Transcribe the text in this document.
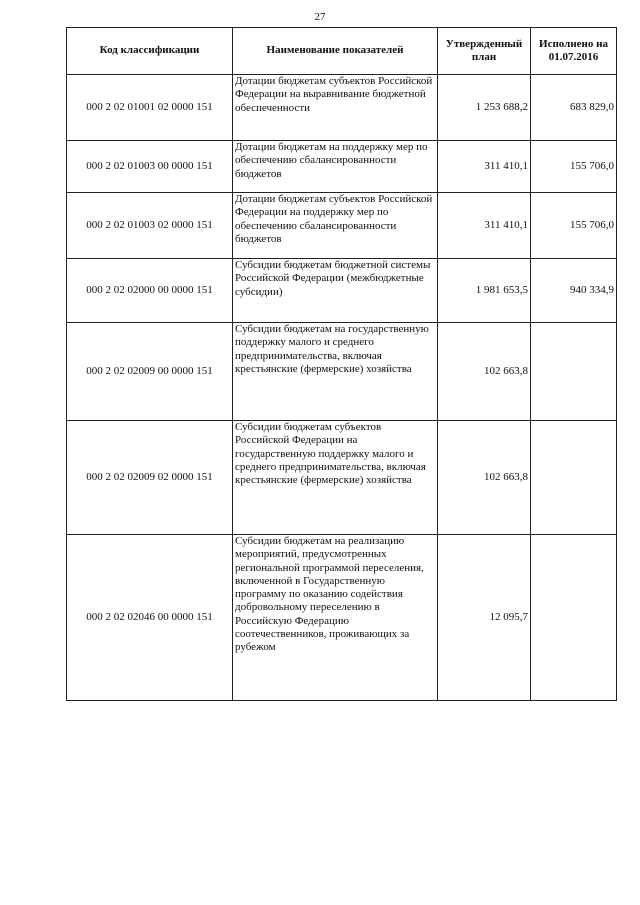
27
Код классификации	Наименование показателей	Утвержденный план	Исполнено на 01.07.2016
000 2 02 01001 02 0000 151	Дотации бюджетам субъектов Российской Федерации на выравнивание бюджетной обеспеченности	1 253 688,2	683 829,0
000 2 02 01003 00 0000 151	Дотации бюджетам на поддержку мер по обеспечению сбалансированности бюджетов	311 410,1	155 706,0
000 2 02 01003 02 0000 151	Дотации бюджетам субъектов Российской Федерации на поддержку мер по обеспечению сбалансированности бюджетов	311 410,1	155 706,0
000 2 02 02000 00 0000 151	Субсидии бюджетам бюджетной системы Российской Федерации (межбюджетные субсидии)	1 981 653,5	940 334,9
000 2 02 02009 00 0000 151	Субсидии бюджетам на государственную поддержку малого и среднего предпринимательства, включая крестьянские (фермерские) хозяйства	102 663,8	
000 2 02 02009 02 0000 151	Субсидии бюджетам субъектов Российской Федерации на государственную поддержку малого и среднего предпринимательства, включая крестьянские (фермерские) хозяйства	102 663,8	
000 2 02 02046 00 0000 151	Субсидии бюджетам на реализацию мероприятий, предусмотренных региональной программой переселения, включенной в Государственную программу по оказанию содействия добровольному переселению в Российскую Федерацию соотечественников, проживающих за рубежом	12 095,7	
